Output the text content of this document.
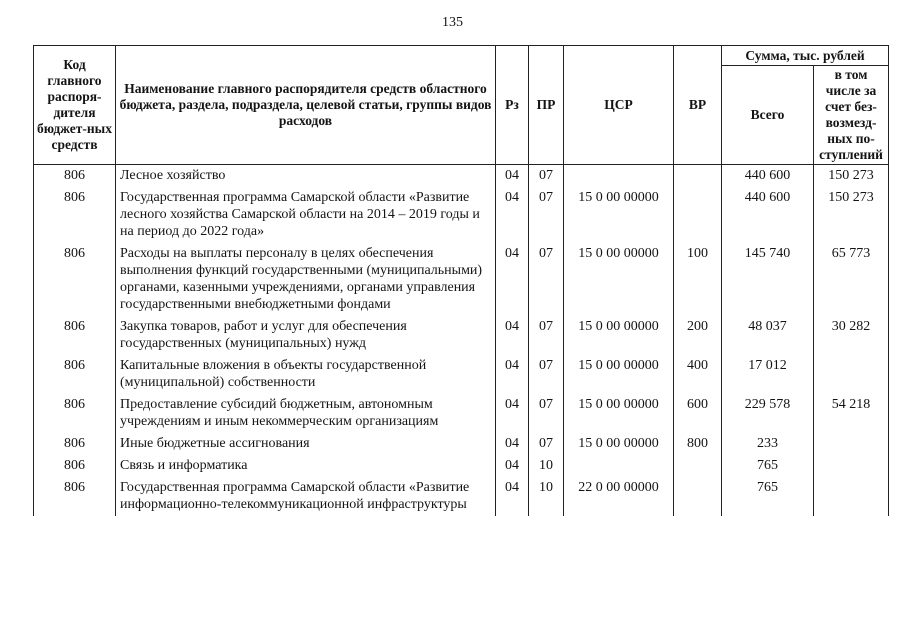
135
Код главного распоря-дителя бюджет-ных средств	Наименование главного распорядителя средств областного бюджета, раздела, подраздела, целевой статьи, группы видов расходов	Рз	ПР	ЦСР	ВР	Сумма, тыс. рублей	
						Всего	в том числе за счет без-возмезд-ных по-ступлений
806	Лесное хозяйство	04	07			440 600	150 273
806	Государственная программа Самарской области «Развитие лесного хозяйства Самарской области на 2014 – 2019 годы и на период до 2022 года»	04	07	15 0 00 00000		440 600	150 273
806	Расходы на выплаты персоналу в целях обеспечения выполнения функций государственными (муниципальными) органами, казенными учреждениями, органами управления государственными внебюджетными фондами	04	07	15 0 00 00000	100	145 740	65 773
806	Закупка товаров, работ и услуг для обеспечения государственных (муниципальных) нужд	04	07	15 0 00 00000	200	48 037	30 282
806	Капитальные вложения в объекты государственной (муниципальной) собственности	04	07	15 0 00 00000	400	17 012	
806	Предоставление субсидий бюджетным, автономным учреждениям и иным некоммерческим организациям	04	07	15 0 00 00000	600	229 578	54 218
806	Иные бюджетные ассигнования	04	07	15 0 00 00000	800	233	
806	Связь и информатика	04	10			765	
806	Государственная программа Самарской области «Развитие информационно-телекоммуникационной инфраструктуры	04	10	22 0 00 00000		765	
